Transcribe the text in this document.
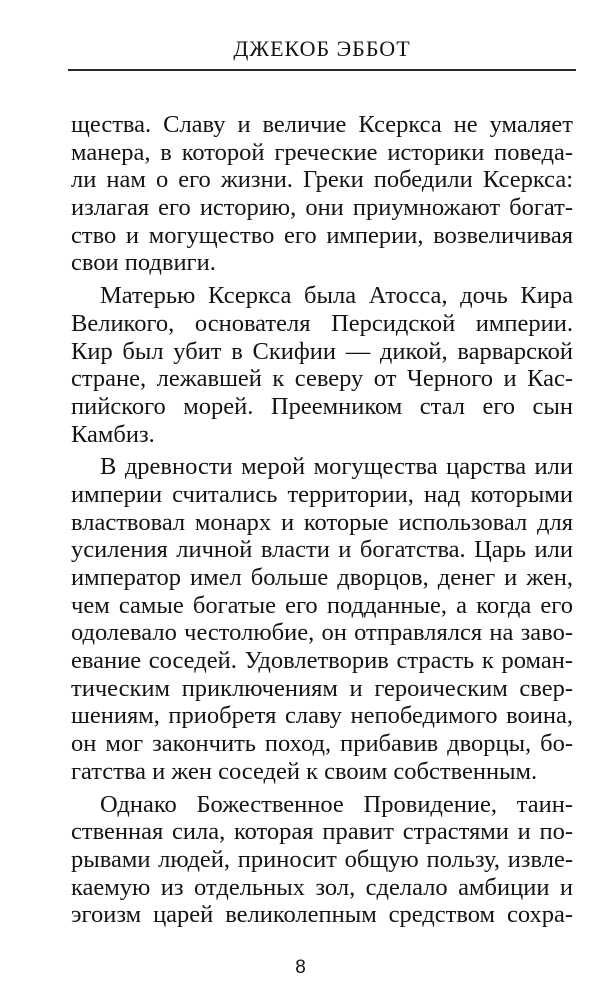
ДЖЕКОБ ЭББОТ
щества. Славу и величие Ксеркса не умаляет
манера, в которой греческие историки поведа-
ли нам о его жизни. Греки победили Ксеркса:
излагая его историю, они приумножают богат-
ство и могущество его империи, возвеличивая
свои подвиги.
Матерью Ксеркса была Атосса, дочь Кира
Великого, основателя Персидской империи.
Кир был убит в Скифии — дикой, варварской
стране, лежавшей к северу от Черного и Кас-
пийского морей. Преемником стал его сын
Камбиз.
В древности мерой могущества царства или
империи считались территории, над которыми
властвовал монарх и которые использовал для
усиления личной власти и богатства. Царь или
император имел больше дворцов, денег и жен,
чем самые богатые его подданные, а когда его
одолевало честолюбие, он отправлялся на заво-
евание соседей. Удовлетворив страсть к роман-
тическим приключениям и героическим свер-
шениям, приобретя славу непобедимого воина,
он мог закончить поход, прибавив дворцы, бо-
гатства и жен соседей к своим собственным.
Однако Божественное Провидение, таин-
ственная сила, которая правит страстями и по-
рывами людей, приносит общую пользу, извле-
каемую из отдельных зол, сделало амбиции и
эгоизм царей великолепным средством сохра-
8
